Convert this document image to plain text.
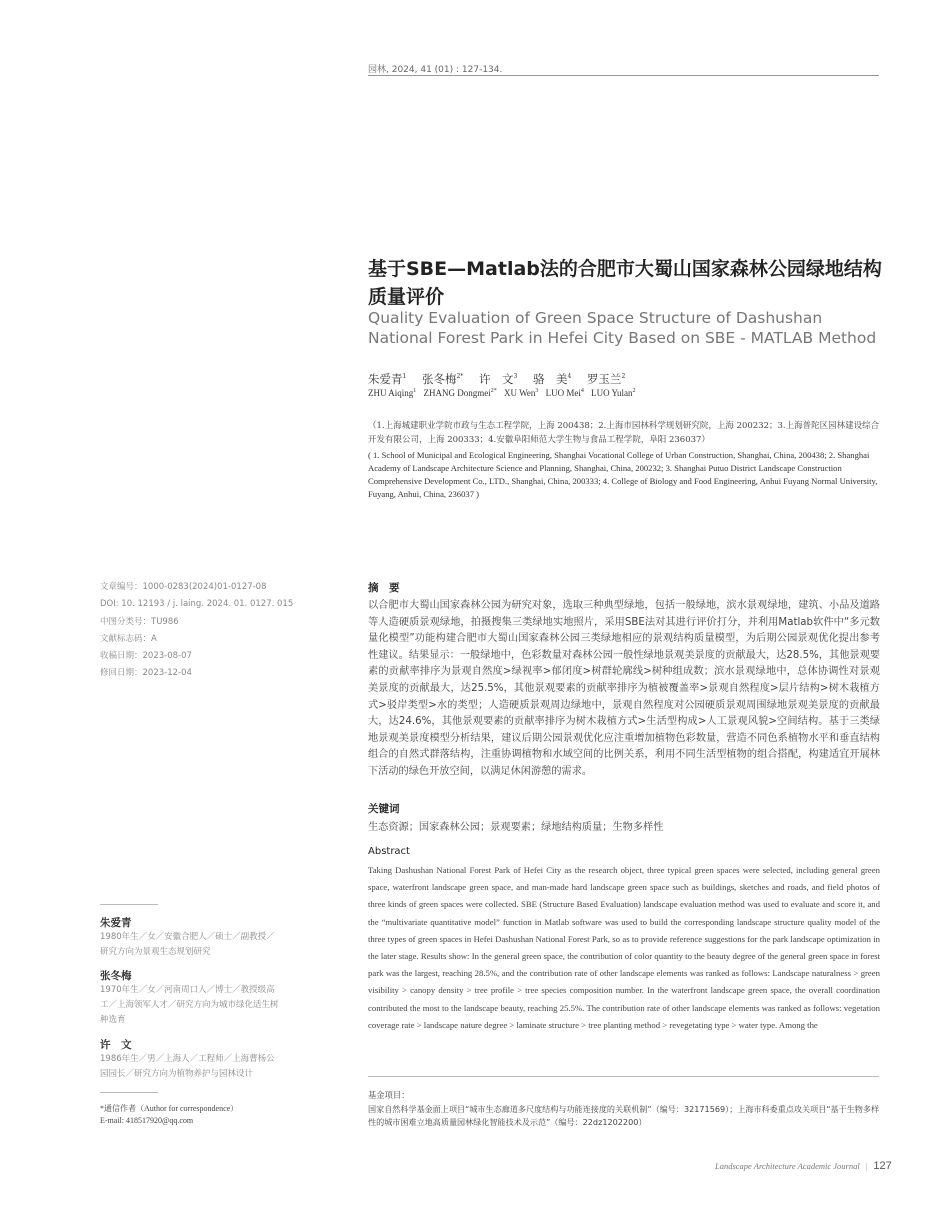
园林, 2024, 41 (01) : 127-134.
基于SBE—Matlab法的合肥市大蜀山国家森林公园绿地结构质量评价
Quality Evaluation of Green Space Structure of Dashushan National Forest Park in Hefei City Based on SBE - MATLAB Method
朱爱青$^1$ 张冬梅$^{2*}$ 许　文$^3$ 骆　美$^4$ 罗玉兰$^2$
ZHU Aiqing$^1$ ZHANG Dongmei$^{2*}$ XU Wen$^3$ LUO Mei$^4$ LUO Yulan$^2$
（1.上海城建职业学院市政与生态工程学院，上海 200438；2.上海市园林科学规划研究院，上海 200232；3.上海普陀区园林建设综合开发有限公司，上海 200333；4.安徽阜阳师范大学生物与食品工程学院，阜阳 236037）
( 1. School of Municipal and Ecological Engineering, Shanghai Vocational College of Urban Construction, Shanghai, China, 200438; 2. Shanghai Academy of Landscape Architecture Science and Planning, Shanghai, China, 200232; 3. Shanghai Putuo District Landscape Construction Comprehensive Development Co., LTD., Shanghai, China, 200333; 4. College of Biology and Food Engineering, Anhui Fuyang Normal University, Fuyang, Anhui, China, 236037 )
文章编号：1000-0283(2024)01-0127-08
DOI: 10. 12193 / j. laing. 2024. 01. 0127. 015
中图分类号：TU986
文献标志码：A
收稿日期：2023-08-07
修回日期：2023-12-04
朱爱青
1980年生／女／安徽合肥人／硕士／副教授／研究方向为景观生态规划研究
张冬梅
1970年生／女／河南周口人／博士／教授级高工／上海领军人才／研究方向为城市绿化适生树种选育
许　文
1986年生／男／上海人／工程师／上海曹杨公园园长／研究方向为植物养护与园林设计
*通信作者（Author for correspondence）
E-mail: 418517920@qq.com
摘　要
以合肥市大蜀山国家森林公园为研究对象，选取三种典型绿地，包括一般绿地，滨水景观绿地，建筑、小品及道路等人造硬质景观绿地，拍摄搜集三类绿地实地照片，采用SBE法对其进行评价打分，并利用Matlab软件中“多元数量化模型”功能构建合肥市大蜀山国家森林公园三类绿地相应的景观结构质量模型，为后期公园景观优化提出参考性建议。结果显示：一般绿地中，色彩数量对森林公园一般性绿地景观美景度的贡献最大，达28.5%，其他景观要素的贡献率排序为景观自然度>绿视率>郁闭度>树群轮廓线>树种组成数；滨水景观绿地中，总体协调性对景观美景度的贡献最大，达25.5%，其他景观要素的贡献率排序为植被覆盖率>景观自然程度>层片结构>树木栽植方式>驳岸类型>水的类型；人造硬质景观周边绿地中，景观自然程度对公园硬质景观周围绿地景观美景度的贡献最大，达24.6%，其他景观要素的贡献率排序为树木栽植方式>生活型构成>人工景观风貌>空间结构。基于三类绿地景观美景度模型分析结果，建议后期公园景观优化应注重增加植物色彩数量，营造不同色系植物水平和垂直结构组合的自然式群落结构，注重协调植物和水域空间的比例关系，利用不同生活型植物的组合搭配，构建适宜开展林下活动的绿色开放空间，以满足休闲游憩的需求。
关键词
生态资源；国家森林公园；景观要素；绿地结构质量；生物多样性
Abstract
Taking Dashushan National Forest Park of Hefei City as the research object, three typical green spaces were selected, including general green space, waterfront landscape green space, and man-made hard landscape green space such as buildings, sketches and roads, and field photos of three kinds of green spaces were collected. SBE (Structure Based Evaluation) landscape evaluation method was used to evaluate and score it, and the “multivariate quantitative model” function in Matlab software was used to build the corresponding landscape structure quality model of the three types of green spaces in Hefei Dashushan National Forest Park, so as to provide reference suggestions for the park landscape optimization in the later stage. Results show: In the general green space, the contribution of color quantity to the beauty degree of the general green space in forest park was the largest, reaching 28.5%, and the contribution rate of other landscape elements was ranked as follows: Landscape naturalness > green visibility > canopy density > tree profile > tree species composition number. In the waterfront landscape green space, the overall coordination contributed the most to the landscape beauty, reaching 25.5%. The contribution rate of other landscape elements was ranked as follows: vegetation coverage rate > landscape nature degree > laminate structure > tree planting method > revegetating type > water type. Among the
基金项目：
国家自然科学基金面上项目“城市生态廊道多尺度结构与功能连接度的关联机制”（编号：32171569）；上海市科委重点攻关项目“基于生物多样性的城市困难立地高质量园林绿化智能技术及示范”（编号：22dz1202200）
Landscape Architecture Academic Journal | 127
